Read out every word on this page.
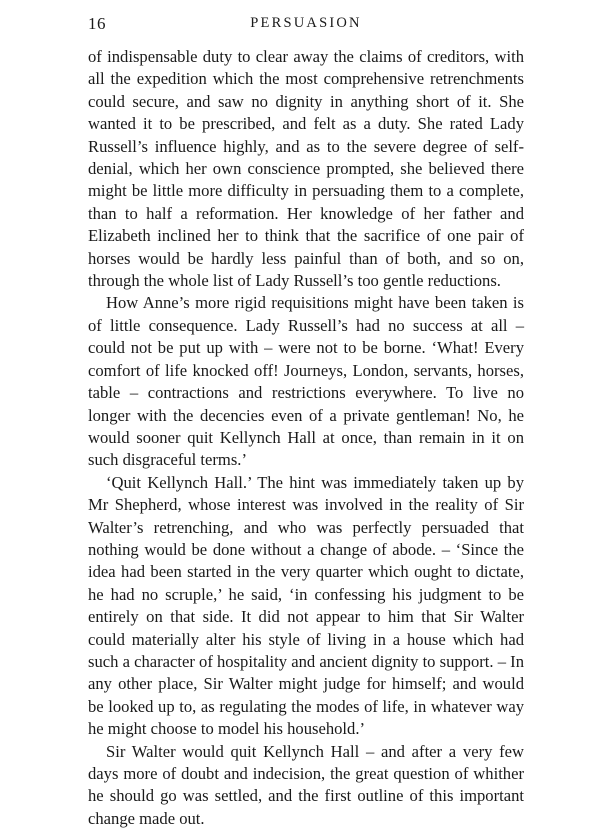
16	PERSUASION

of indispensable duty to clear away the claims of creditors, with all the expedition which the most comprehensive retrenchments could secure, and saw no dignity in anything short of it. She wanted it to be prescribed, and felt as a duty. She rated Lady Russell’s influence highly, and as to the severe degree of self-denial, which her own conscience prompted, she believed there might be little more difficulty in persuading them to a complete, than to half a reformation. Her knowledge of her father and Elizabeth inclined her to think that the sacrifice of one pair of horses would be hardly less painful than of both, and so on, through the whole list of Lady Russell’s too gentle reductions.

How Anne’s more rigid requisitions might have been taken is of little consequence. Lady Russell’s had no success at all – could not be put up with – were not to be borne. ‘What! Every comfort of life knocked off! Journeys, London, servants, horses, table – contractions and restrictions everywhere. To live no longer with the decencies even of a private gentleman! No, he would sooner quit Kellynch Hall at once, than remain in it on such disgraceful terms.’

‘Quit Kellynch Hall.’ The hint was immediately taken up by Mr Shepherd, whose interest was involved in the reality of Sir Walter’s retrenching, and who was perfectly persuaded that nothing would be done without a change of abode. – ‘Since the idea had been started in the very quarter which ought to dictate, he had no scruple,’ he said, ‘in confessing his judgment to be entirely on that side. It did not appear to him that Sir Walter could materially alter his style of living in a house which had such a character of hospitality and ancient dignity to support. – In any other place, Sir Walter might judge for himself; and would be looked up to, as regulating the modes of life, in whatever way he might choose to model his household.’

Sir Walter would quit Kellynch Hall – and after a very few days more of doubt and indecision, the great question of whither he should go was settled, and the first outline of this important change made out.
